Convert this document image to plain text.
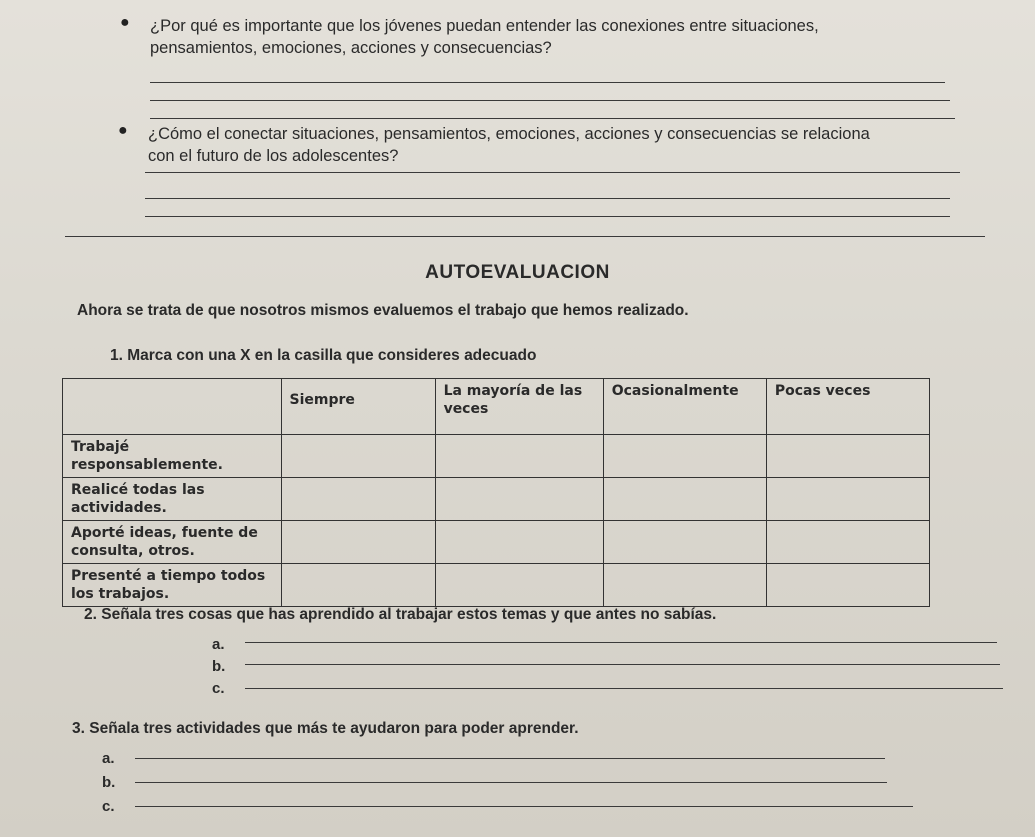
● ¿Por qué es importante que los jóvenes puedan entender las conexiones entre situaciones,
pensamientos, emociones, acciones y consecuencias?
● ¿Cómo el conectar situaciones, pensamientos, emociones, acciones y consecuencias se relaciona
con el futuro de los adolescentes?
AUTOEVALUACION
Ahora se trata de que nosotros mismos evaluemos el trabajo que hemos realizado.
1. Marca con una X en la casilla que consideres adecuado
	Siempre	La mayoría de las veces	Ocasionalmente	Pocas veces
Trabajé responsablemente.				
Realicé todas las actividades.				
Aporté ideas, fuente de consulta, otros.				
Presenté a tiempo todos los trabajos.				
2. Señala tres cosas que has aprendido al trabajar estos temas y que antes no sabías.
a.
b.
c.
3. Señala tres actividades que más te ayudaron para poder aprender.
a.
b.
c.
